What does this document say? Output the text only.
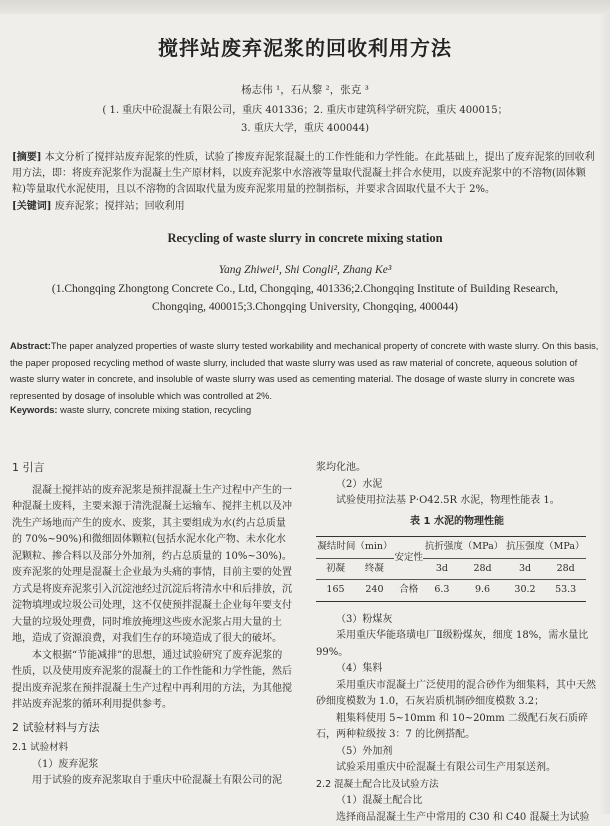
搅拌站废弃泥浆的回收利用方法
杨志伟 ¹，石从黎 ²，张克 ³
( 1. 重庆中砼混凝土有限公司，重庆 401336；2. 重庆市建筑科学研究院，重庆 400015；
3. 重庆大学，重庆 400044)
[摘要] 本文分析了搅拌站废弃泥浆的性质，试验了掺废弃泥浆混凝土的工作性能和力学性能。在此基础上，提出了废弃泥浆的回收利用方法，即：将废弃泥浆作为混凝土生产原材料，以废弃泥浆中水溶液等量取代混凝土拌合水使用，以废弃泥浆中的不溶物(固体颗粒)等量取代水泥使用，且以不溶物的含固取代量为废弃泥浆用量的控制指标，并要求含固取代量不大于 2%。
[关键词] 废弃泥浆；搅拌站；回收利用
Recycling of waste slurry in concrete mixing station
Yang Zhiwei¹, Shi Congli², Zhang Ke³
(1.Chongqing Zhongtong Concrete Co., Ltd, Chongqing, 401336;2.Chongqing Institute of Building Research,
Chongqing, 400015;3.Chongqing University, Chongqing, 400044)
Abstract:The paper analyzed properties of waste slurry tested workability and mechanical property of concrete with waste slurry. On this basis, the paper proposed recycling method of waste slurry, included that waste slurry was used as raw material of concrete, aqueous solution of waste slurry water in concrete, and insoluble of waste slurry was used as cementing material. The dosage of waste slurry in concrete was represented by dosage of insoluble which was controlled at 2%.
Keywords: waste slurry, concrete mixing station, recycling
1 引言
混凝土搅拌站的废弃泥浆是预拌混凝土生产过程中产生的一种混凝土废料，主要来源于清洗混凝土运输车、搅拌主机以及冲洗生产场地而产生的废水、废浆，其主要组成为水(约占总质量的 70%~90%)和微细固体颗粒(包括水泥水化产物、未水化水泥颗粒、掺合料以及部分外加剂，约占总质量的 10%~30%)。废弃泥浆的处理是混凝土企业最为头痛的事情，目前主要的处置方式是将废弃泥浆引入沉淀池经过沉淀后将清水中和后排放，沉淀物填埋或垃圾公司处理，这不仅使预拌混凝土企业每年要支付大量的垃圾处理费，同时堆放掩埋这些废水泥浆占用大量的土地，造成了资源浪费，对我们生存的环境造成了很大的破坏。
本文根据“节能减排”的思想，通过试验研究了废弃泥浆的性质，以及使用废弃泥浆的混凝土的工作性能和力学性能，然后提出废弃泥浆在预拌混凝土生产过程中再利用的方法，为其他搅拌站废弃泥浆的循环利用提供参考。
2 试验材料与方法
2.1 试验材料
（1）废弃泥浆
用于试验的废弃泥浆取自于重庆中砼混凝土有限公司的泥
浆均化池。
（2）水泥
试验使用拉法基 P·O42.5R 水泥，物理性能表 1。
表 1 水泥的物理性能
凝结时间（min）		安定性	抗折强度（MPa）		抗压强度（MPa）	
初凝	终凝		3d	28d	3d	28d
165	240	合格	6.3	9.6	30.2	53.3
（3）粉煤灰
采用重庆华能珞璜电厂Ⅱ级粉煤灰，细度 18%，需水量比 99%。
（4）集料
采用重庆市混凝土广泛使用的混合砂作为细集料，其中天然砂细度模数为 1.0，石灰岩质机制砂细度模数 3.2；
粗集料使用 5~10mm 和 10~20mm 二级配石灰石质碎石，两种粒级按 3：7 的比例搭配。
（5）外加剂
试验采用重庆中砼混凝土有限公司生产用泵送剂。
2.2 混凝土配合比及试验方法
（1）混凝土配合比
选择商品混凝土生产中常用的 C30 和 C40 混凝土为试验
